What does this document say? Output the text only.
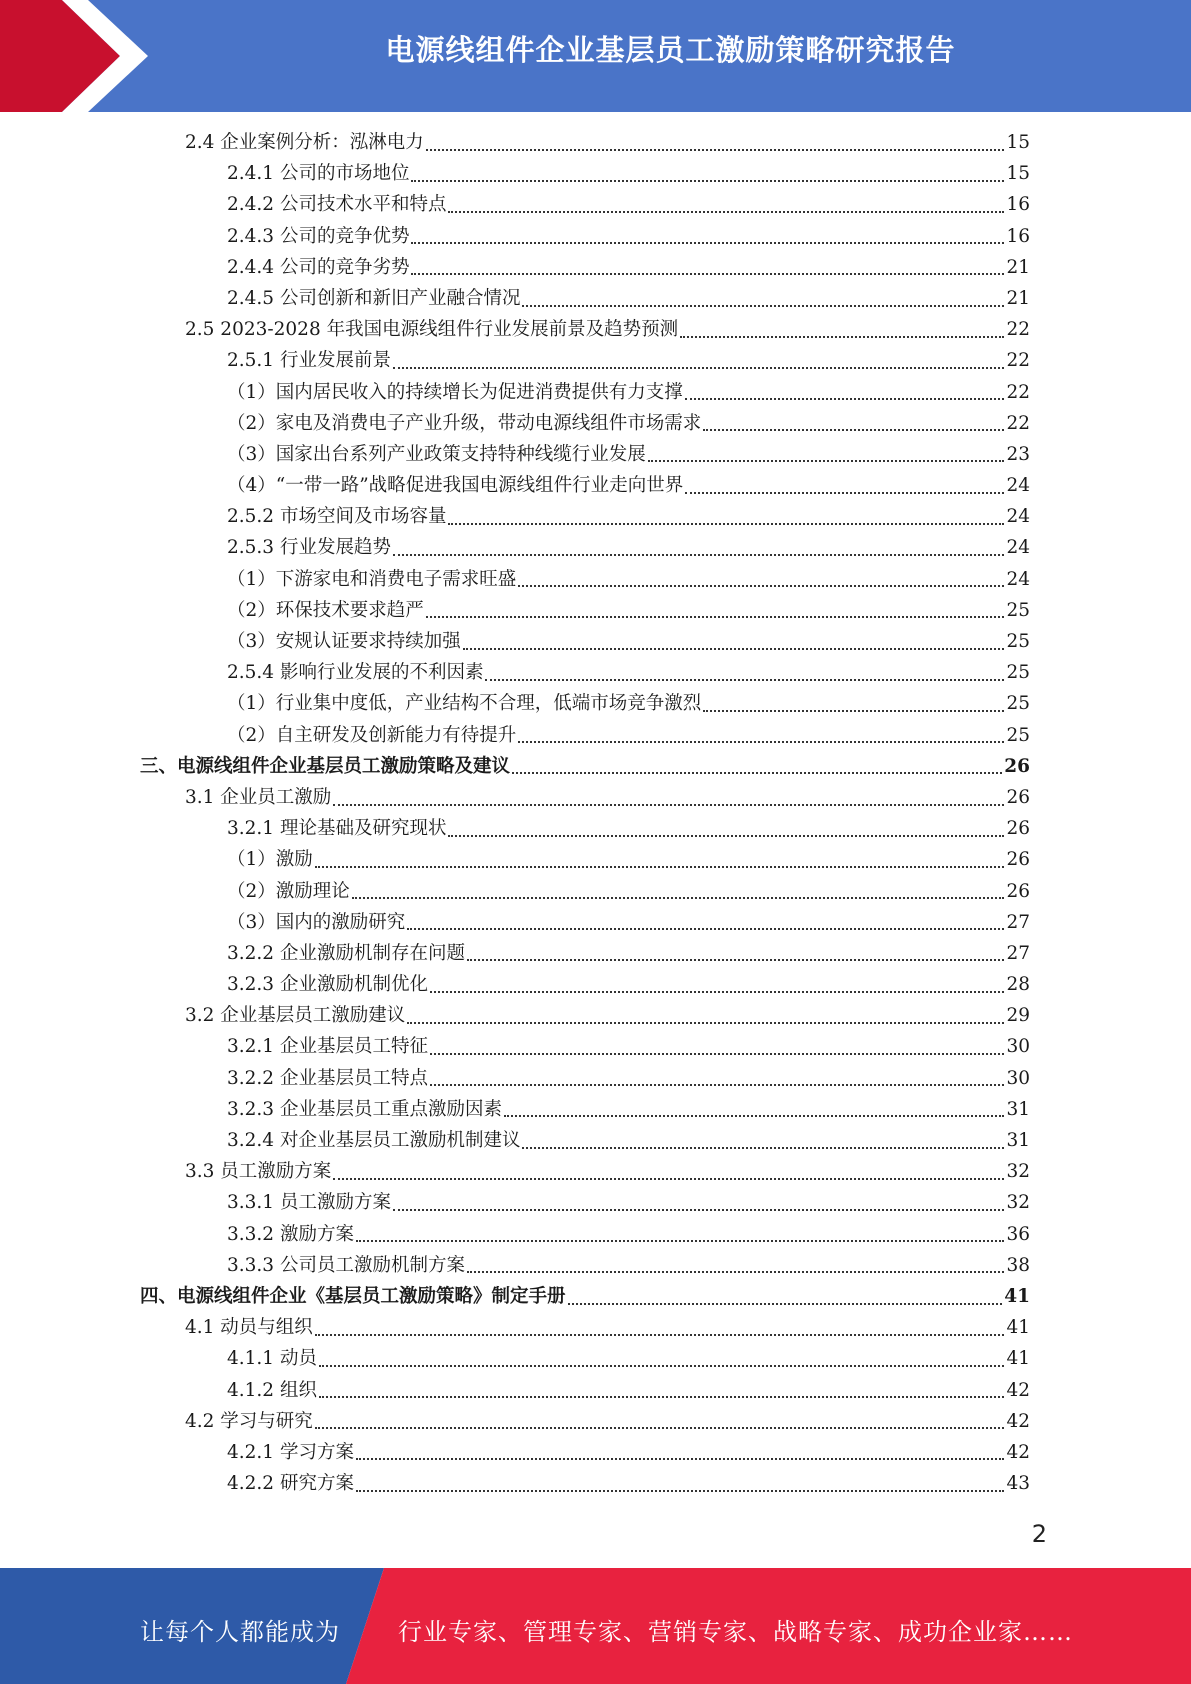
电源线组件企业基层员工激励策略研究报告
2.4 企业案例分析：泓淋电力	15
2.4.1 公司的市场地位	15
2.4.2 公司技术水平和特点	16
2.4.3 公司的竞争优势	16
2.4.4 公司的竞争劣势	21
2.4.5 公司创新和新旧产业融合情况	21
2.5 2023-2028 年我国电源线组件行业发展前景及趋势预测	22
2.5.1 行业发展前景	22
（1）国内居民收入的持续增长为促进消费提供有力支撑	22
（2）家电及消费电子产业升级，带动电源线组件市场需求	22
（3）国家出台系列产业政策支持特种线缆行业发展	23
（4）“一带一路”战略促进我国电源线组件行业走向世界	24
2.5.2 市场空间及市场容量	24
2.5.3 行业发展趋势	24
（1）下游家电和消费电子需求旺盛	24
（2）环保技术要求趋严	25
（3）安规认证要求持续加强	25
2.5.4 影响行业发展的不利因素	25
（1）行业集中度低，产业结构不合理，低端市场竞争激烈	25
（2）自主研发及创新能力有待提升	25
三、电源线组件企业基层员工激励策略及建议	26
3.1 企业员工激励	26
3.2.1 理论基础及研究现状	26
（1）激励	26
（2）激励理论	26
（3）国内的激励研究	27
3.2.2 企业激励机制存在问题	27
3.2.3 企业激励机制优化	28
3.2 企业基层员工激励建议	29
3.2.1 企业基层员工特征	30
3.2.2 企业基层员工特点	30
3.2.3 企业基层员工重点激励因素	31
3.2.4 对企业基层员工激励机制建议	31
3.3 员工激励方案	32
3.3.1 员工激励方案	32
3.3.2 激励方案	36
3.3.3 公司员工激励机制方案	38
四、电源线组件企业《基层员工激励策略》制定手册	41
4.1 动员与组织	41
4.1.1 动员	41
4.1.2 组织	42
4.2 学习与研究	42
4.2.1 学习方案	42
4.2.2 研究方案	43
2
让每个人都能成为 行业专家、管理专家、营销专家、战略专家、成功企业家……
